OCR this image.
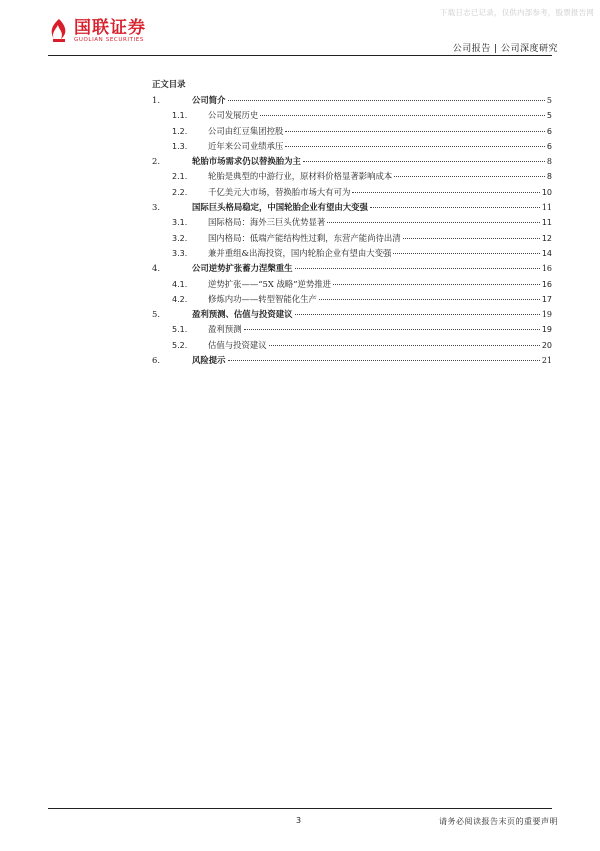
下载日志已记录，仅供内部参考，股票报告网
国联证券
GUOLIAN SECURITIES
公司报告 | 公司深度研究
正文目录
1.	公司简介	5
1.1.	公司发展历史	5
1.2.	公司由红豆集团控股	6
1.3.	近年来公司业绩承压	6
2.	轮胎市场需求仍以替换胎为主	8
2.1.	轮胎是典型的中游行业，原材料价格显著影响成本	8
2.2.	千亿美元大市场，替换胎市场大有可为	10
3.	国际巨头格局稳定，中国轮胎企业有望由大变强	11
3.1.	国际格局：海外三巨头优势显著	11
3.2.	国内格局：低端产能结构性过剩，东营产能尚待出清	12
3.3.	兼并重组&出海投资，国内轮胎企业有望由大变强	14
4.	公司逆势扩张蓄力涅槃重生	16
4.1.	逆势扩张——“5X 战略”逆势推进	16
4.2.	修炼内功——转型智能化生产	17
5.	盈利预测、估值与投资建议	19
5.1.	盈利预测	19
5.2.	估值与投资建议	20
6.	风险提示	21
3	请务必阅读报告末页的重要声明
